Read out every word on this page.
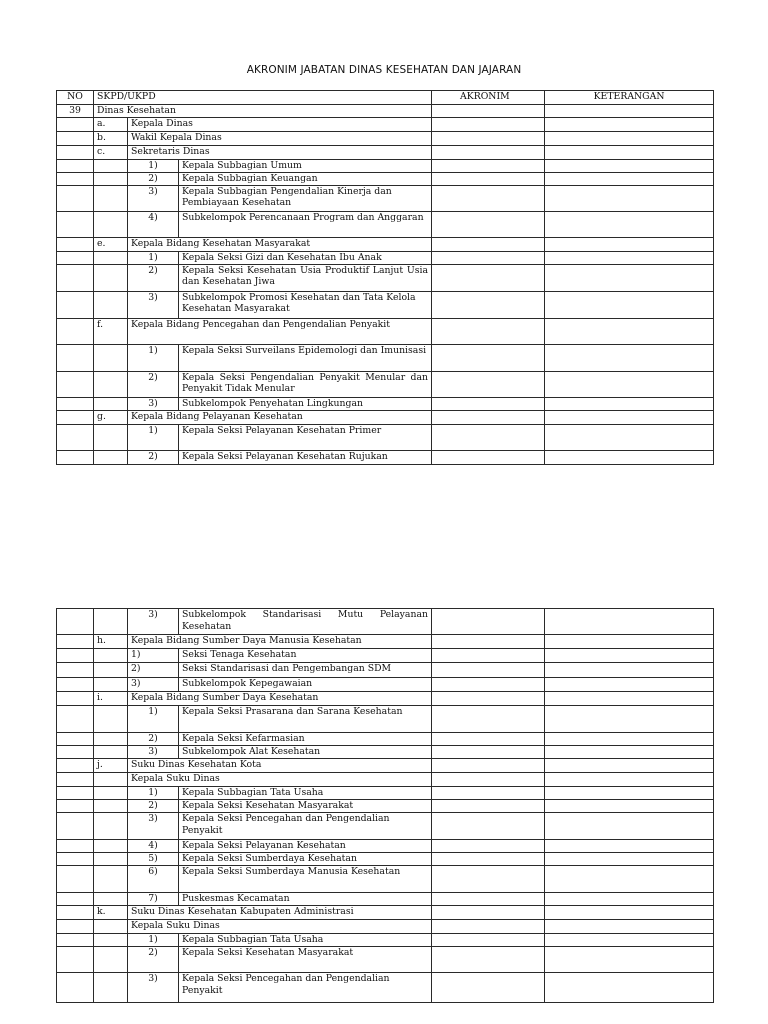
AKRONIM JABATAN DINAS KESEHATAN DAN JAJARAN
NO	SKPD/UKPD			AKRONIM	KETERANGAN
39	Dinas Kesehatan				
	a.	Kepala Dinas			
	b.	Wakil Kepala Dinas			
	c.	Sekretaris Dinas			
		1)	Kepala Subbagian Umum		
		2)	Kepala Subbagian Keuangan		
		3)	Kepala Subbagian Pengendalian Kinerja dan Pembiayaan Kesehatan		
		4)	Subkelompok Perencanaan Program dan Anggaran		
	e.	Kepala Bidang Kesehatan Masyarakat			
		1)	Kepala Seksi Gizi dan Kesehatan Ibu Anak		
		2)	Kepala Seksi Kesehatan Usia Produktif Lanjut Usia dan Kesehatan Jiwa		
		3)	Subkelompok Promosi Kesehatan dan Tata Kelola Kesehatan Masyarakat		
	f.	Kepala Bidang Pencegahan dan Pengendalian Penyakit			
		1)	Kepala Seksi Surveilans Epidemologi dan Imunisasi		
		2)	Kepala Seksi Pengendalian Penyakit Menular dan Penyakit Tidak Menular		
		3)	Subkelompok Penyehatan Lingkungan		
	g.	Kepala Bidang Pelayanan Kesehatan			
		1)	Kepala Seksi Pelayanan Kesehatan Primer		
		2)	Kepala Seksi Pelayanan Kesehatan Rujukan		
		3)	Subkelompok Standarisasi Mutu Pelayanan Kesehatan		
	h.	Kepala Bidang Sumber Daya Manusia Kesehatan			
		1)	Seksi Tenaga Kesehatan		
		2)	Seksi Standarisasi dan Pengembangan SDM		
		3)	Subkelompok Kepegawaian		
	i.	Kepala Bidang Sumber Daya Kesehatan			
		1)	Kepala Seksi Prasarana dan Sarana Kesehatan		
		2)	Kepala Seksi Kefarmasian		
		3)	Subkelompok Alat Kesehatan		
	j.	Suku Dinas Kesehatan Kota			
		Kepala Suku Dinas			
		1)	Kepala Subbagian Tata Usaha		
		2)	Kepala Seksi Kesehatan Masyarakat		
		3)	Kepala Seksi Pencegahan dan Pengendalian Penyakit		
		4)	Kepala Seksi Pelayanan Kesehatan		
		5)	Kepala Seksi Sumberdaya Kesehatan		
		6)	Kepala Seksi Sumberdaya Manusia Kesehatan		
		7)	Puskesmas Kecamatan		
	k.	Suku Dinas Kesehatan Kabupaten Administrasi			
		Kepala Suku Dinas			
		1)	Kepala Subbagian Tata Usaha		
		2)	Kepala Seksi Kesehatan Masyarakat		
		3)	Kepala Seksi Pencegahan dan Pengendalian Penyakit		
